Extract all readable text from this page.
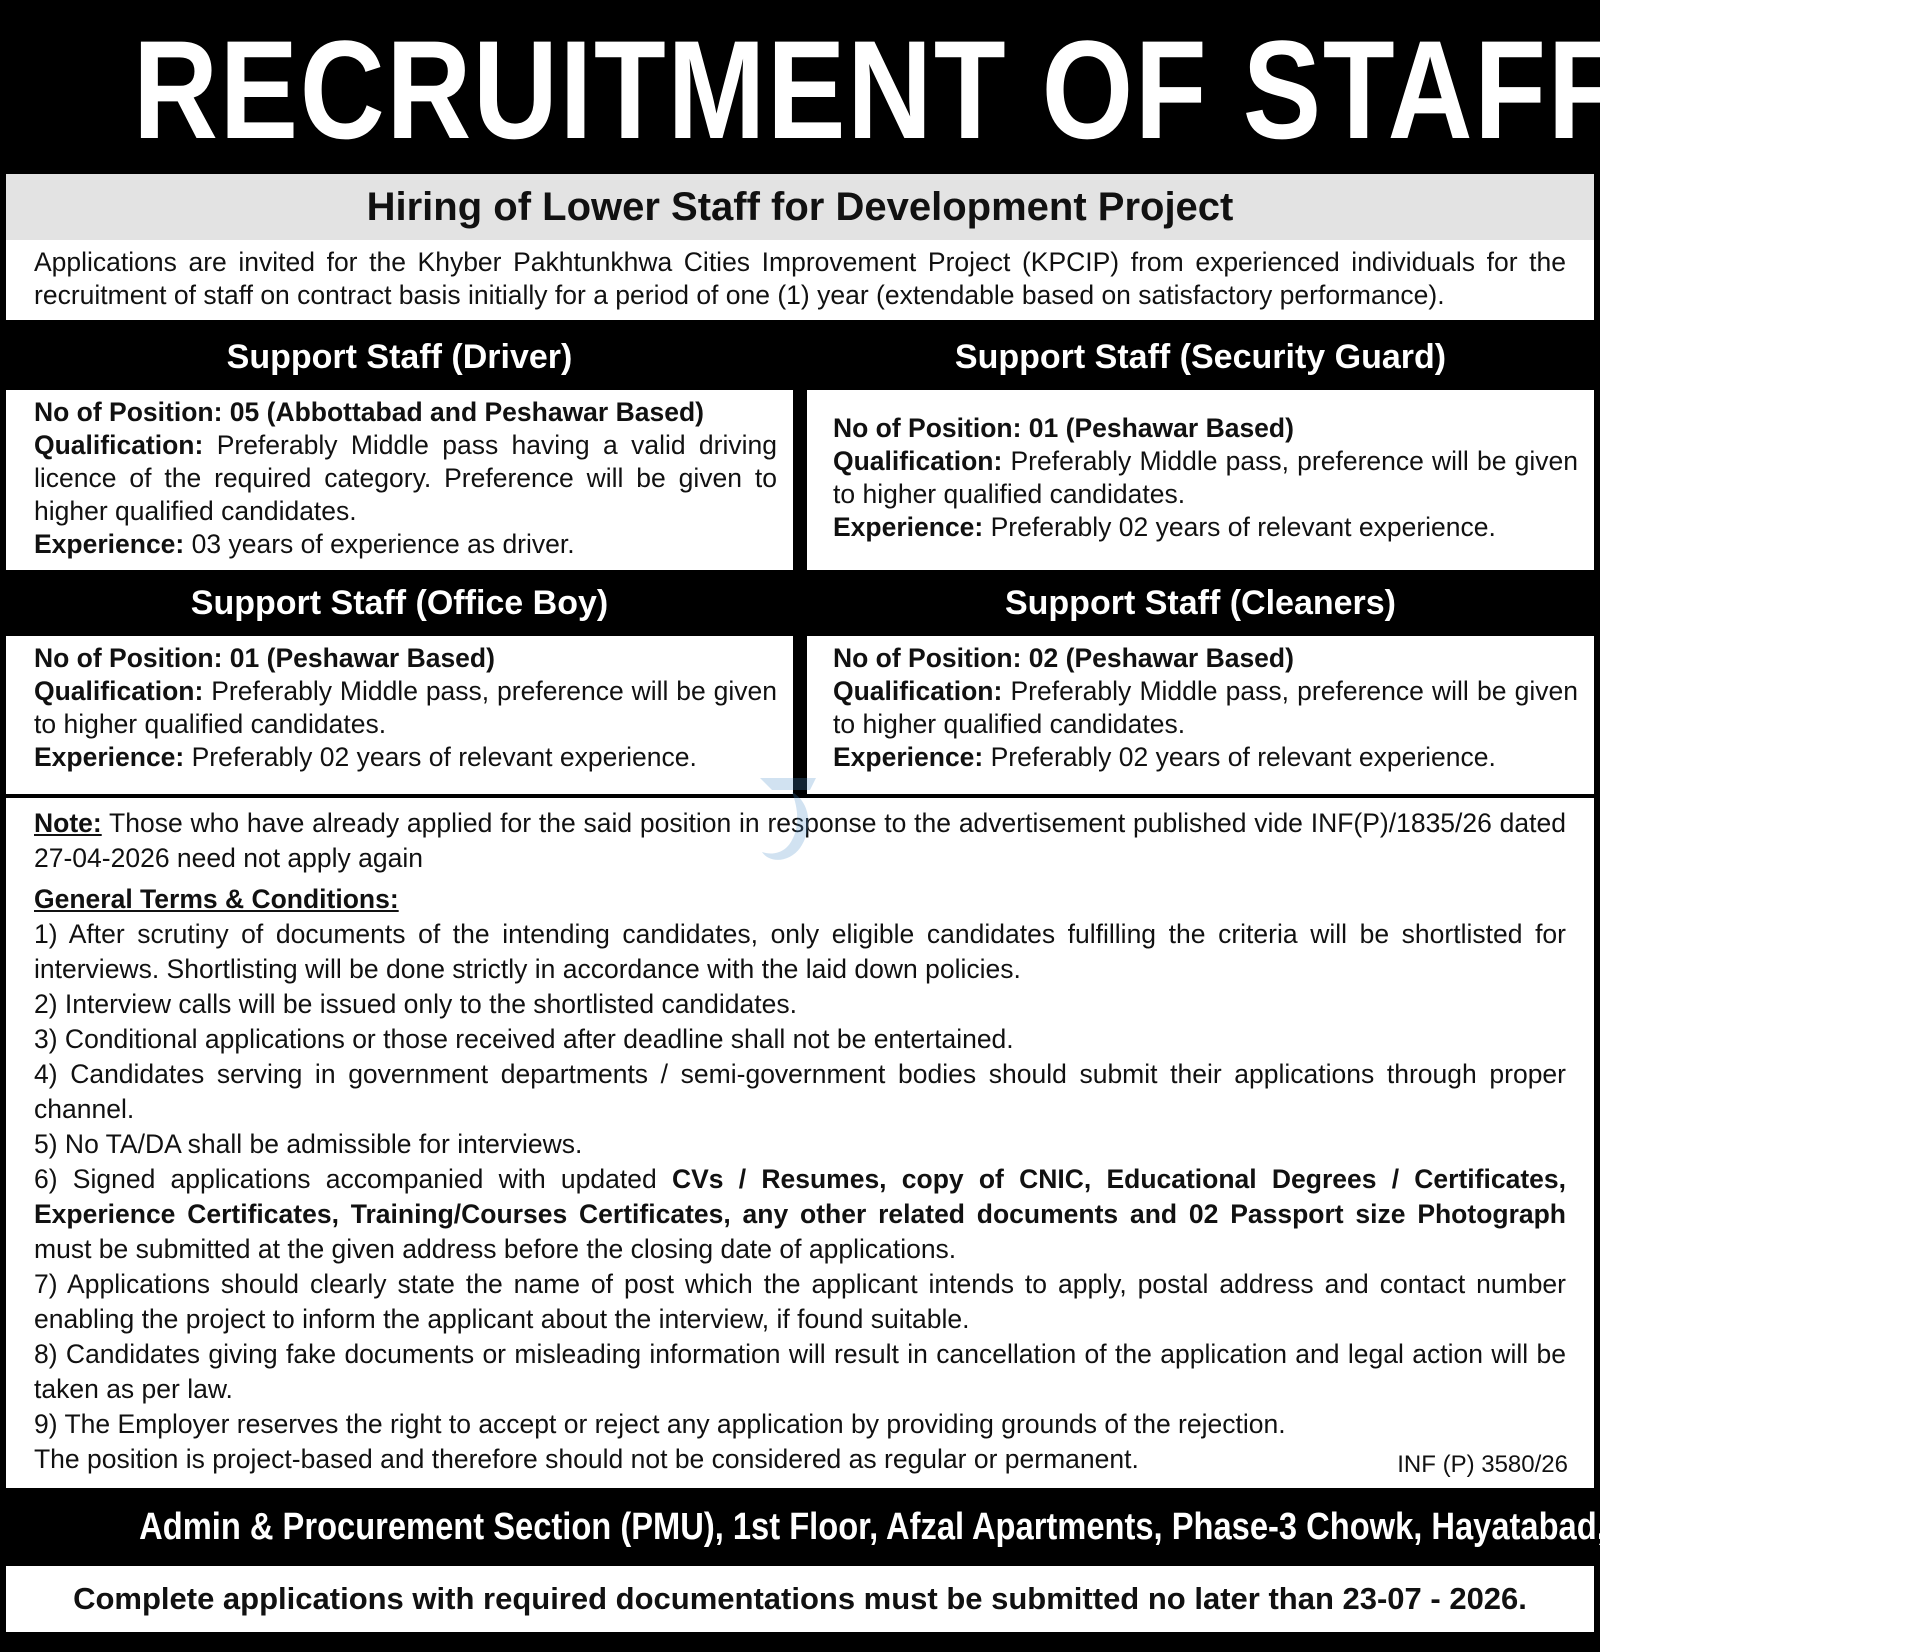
RECRUITMENT OF STAFF
Hiring of Lower Staff for Development Project
Applications are invited for the Khyber Pakhtunkhwa Cities Improvement Project (KPCIP) from experienced individuals for the recruitment of staff on contract basis initially for a period of one (1) year (extendable based on satisfactory performance).
Support Staff (Driver)	Support Staff (Security Guard)

No of Position: 05 (Abbottabad and Peshawar Based)

Qualification: Preferably Middle pass having a valid driving licence of the required category. Preference will be given to higher qualified candidates.

Experience: 03 years of experience as driver.

No of Position: 01 (Peshawar Based)

Qualification: Preferably Middle pass, preference will be given to higher qualified candidates.

Experience: Preferably 02 years of relevant experience.

Support Staff (Office Boy)	Support Staff (Cleaners)

No of Position: 01 (Peshawar Based)

Qualification: Preferably Middle pass, preference will be given to higher qualified candidates.

Experience: Preferably 02 years of relevant experience.

No of Position: 02 (Peshawar Based)

Qualification: Preferably Middle pass, preference will be given to higher qualified candidates.

Experience: Preferably 02 years of relevant experience.

Note: Those who have already applied for the said position in response to the advertisement published vide INF(P)/1835/26 dated 27-04-2026 need not apply again

General Terms & Conditions:

1) After scrutiny of documents of the intending candidates, only eligible candidates fulfilling the criteria will be shortlisted for interviews. Shortlisting will be done strictly in accordance with the laid down policies.

2) Interview calls will be issued only to the shortlisted candidates.

3) Conditional applications or those received after deadline shall not be entertained.

4) Candidates serving in government departments / semi-government bodies should submit their applications through proper channel.

5) No TA/DA shall be admissible for interviews.

6) Signed applications accompanied with updated CVs / Resumes, copy of CNIC, Educational Degrees / Certificates, Experience Certificates, Training/Courses Certificates, any other related documents and 02 Passport size Photograph must be submitted at the given address before the closing date of applications.

7) Applications should clearly state the name of post which the applicant intends to apply, postal address and contact number enabling the project to inform the applicant about the interview, if found suitable.

8) Candidates giving fake documents or misleading information will result in cancellation of the application and legal action will be taken as per law.

9) The Employer reserves the right to accept or reject any application by providing grounds of the rejection.

The position is project-based and therefore should not be considered as regular or permanent.	INF (P) 3580/26
Admin & Procurement Section (PMU), 1st Floor, Afzal Apartments, Phase-3 Chowk, Hayatabad, Peshawar.
Complete applications with required documentations must be submitted no later than 23-07 - 2026.
